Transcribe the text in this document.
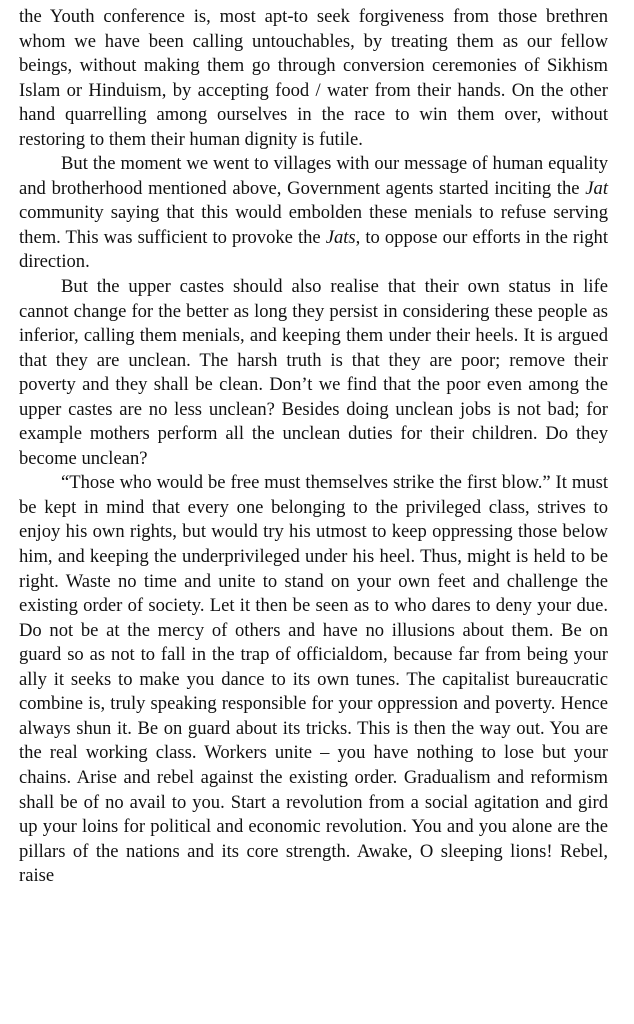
the Youth conference is, most apt-to seek forgiveness from those brethren whom we have been calling untouchables, by treating them as our fellow beings, without making them go through conversion ceremonies of Sikhism Islam or Hinduism, by accepting food / water from their hands. On the other hand quarrelling among ourselves in the race to win them over, without restoring to them their human dignity is futile.

But the moment we went to villages with our message of human equality and brotherhood mentioned above, Government agents started inciting the Jat community saying that this would embolden these menials to refuse serving them. This was sufficient to provoke the Jats, to oppose our efforts in the right direction.

But the upper castes should also realise that their own status in life cannot change for the better as long they persist in considering these people as inferior, calling them menials, and keeping them under their heels. It is argued that they are unclean. The harsh truth is that they are poor; remove their poverty and they shall be clean. Don’t we find that the poor even among the upper castes are no less unclean? Besides doing unclean jobs is not bad; for example mothers perform all the unclean duties for their children. Do they become unclean?

“Those who would be free must themselves strike the first blow.” It must be kept in mind that every one belonging to the privileged class, strives to enjoy his own rights, but would try his utmost to keep oppressing those below him, and keeping the underprivileged under his heel. Thus, might is held to be right. Waste no time and unite to stand on your own feet and challenge the existing order of society. Let it then be seen as to who dares to deny your due. Do not be at the mercy of others and have no illusions about them. Be on guard so as not to fall in the trap of officialdom, because far from being your ally it seeks to make you dance to its own tunes. The capitalist bureaucratic combine is, truly speaking responsible for your oppression and poverty. Hence always shun it. Be on guard about its tricks. This is then the way out. You are the real working class. Workers unite – you have nothing to lose but your chains. Arise and rebel against the existing order. Gradualism and reformism shall be of no avail to you. Start a revolution from a social agitation and gird up your loins for political and economic revolution. You and you alone are the pillars of the nations and its core strength. Awake, O sleeping lions! Rebel, raise
